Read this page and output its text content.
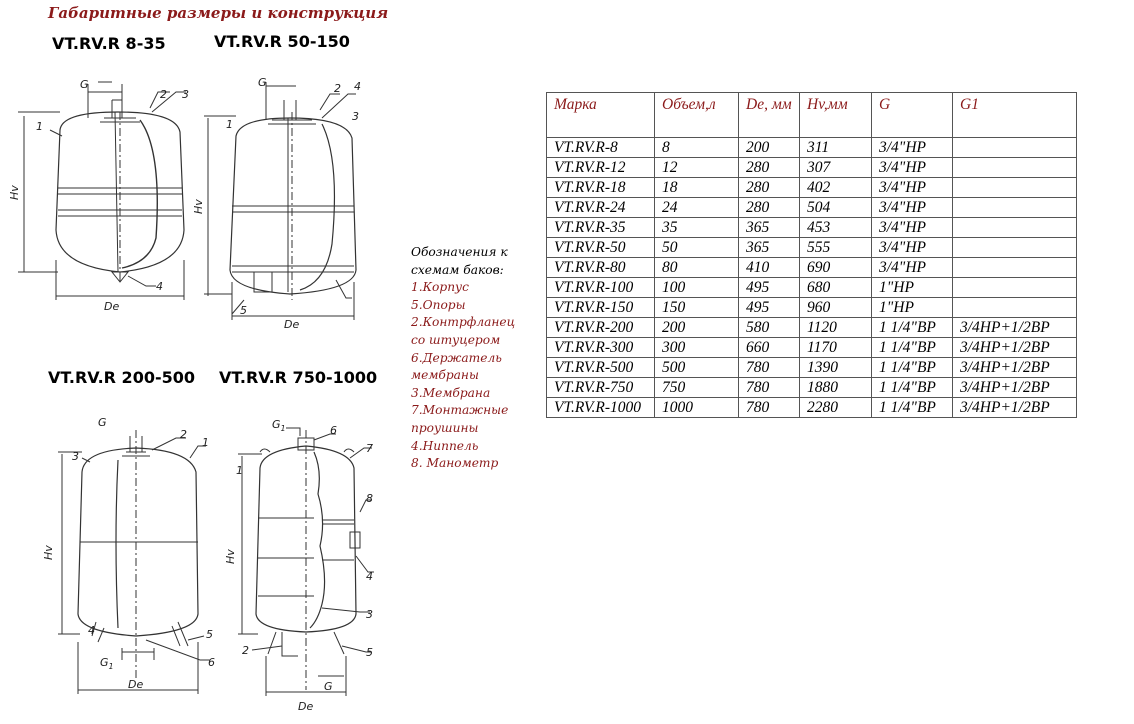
Габаритные размеры и конструкция
VT.RV.R 8-35	VT.RV.R 50-150
VT.RV.R 200-500 VT.RV.R 750-1000
Hv
De
G
1
2 3
4
Hv
De
G
1
2 4
3
5
Hv
De
G
$G_1$
2
1
3
4	5
6
Hv
De
G
$G_1$
1
6
7
8
4
3
5
2
Обозначения к схемам баков:
1.Корпус
5.Опоры
2.Контрфланец со штуцером
6.Держатель мембраны
3.Мембрана
7.Монтажные проушины
4.Ниппель
8. Манометр
Марка	Объем,л	De, мм	Hv,мм	G	G1
VT.RV.R-8	8	200	311	3/4"НР	
VT.RV.R-12	12	280	307	3/4"НР	
VT.RV.R-18	18	280	402	3/4"НР	
VT.RV.R-24	24	280	504	3/4"НР	
VT.RV.R-35	35	365	453	3/4"НР	
VT.RV.R-50	50	365	555	3/4"НР	
VT.RV.R-80	80	410	690	3/4"НР	
VT.RV.R-100	100	495	680	1"НР	
VT.RV.R-150	150	495	960	1"НР	
VT.RV.R-200	200	580	1120	1 1/4"ВР	3/4НР+1/2ВР
VT.RV.R-300	300	660	1170	1 1/4"ВР	3/4НР+1/2ВР
VT.RV.R-500	500	780	1390	1 1/4"ВР	3/4НР+1/2ВР
VT.RV.R-750	750	780	1880	1 1/4"ВР	3/4НР+1/2ВР
VT.RV.R-1000	1000	780	2280	1 1/4"ВР	3/4НР+1/2ВР
